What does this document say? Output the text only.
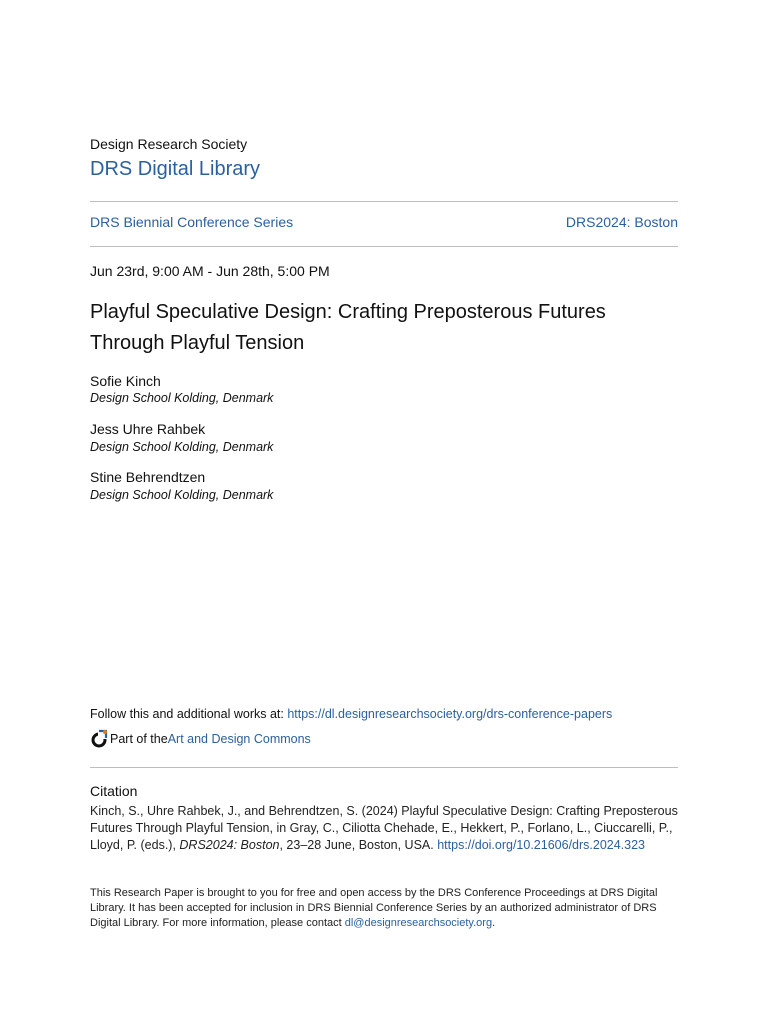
Design Research Society
DRS Digital Library
DRS Biennial Conference Series	DRS2024: Boston
Jun 23rd, 9:00 AM - Jun 28th, 5:00 PM
Playful Speculative Design: Crafting Preposterous Futures Through Playful Tension
Sofie Kinch
Design School Kolding, Denmark
Jess Uhre Rahbek
Design School Kolding, Denmark
Stine Behrendtzen
Design School Kolding, Denmark
Follow this and additional works at: https://dl.designresearchsociety.org/drs-conference-papers
Part of the Art and Design Commons
Citation
Kinch, S., Uhre Rahbek, J., and Behrendtzen, S. (2024) Playful Speculative Design: Crafting Preposterous Futures Through Playful Tension, in Gray, C., Ciliotta Chehade, E., Hekkert, P., Forlano, L., Ciuccarelli, P., Lloyd, P. (eds.), DRS2024: Boston, 23–28 June, Boston, USA. https://doi.org/10.21606/drs.2024.323
This Research Paper is brought to you for free and open access by the DRS Conference Proceedings at DRS Digital Library. It has been accepted for inclusion in DRS Biennial Conference Series by an authorized administrator of DRS Digital Library. For more information, please contact dl@designresearchsociety.org.
